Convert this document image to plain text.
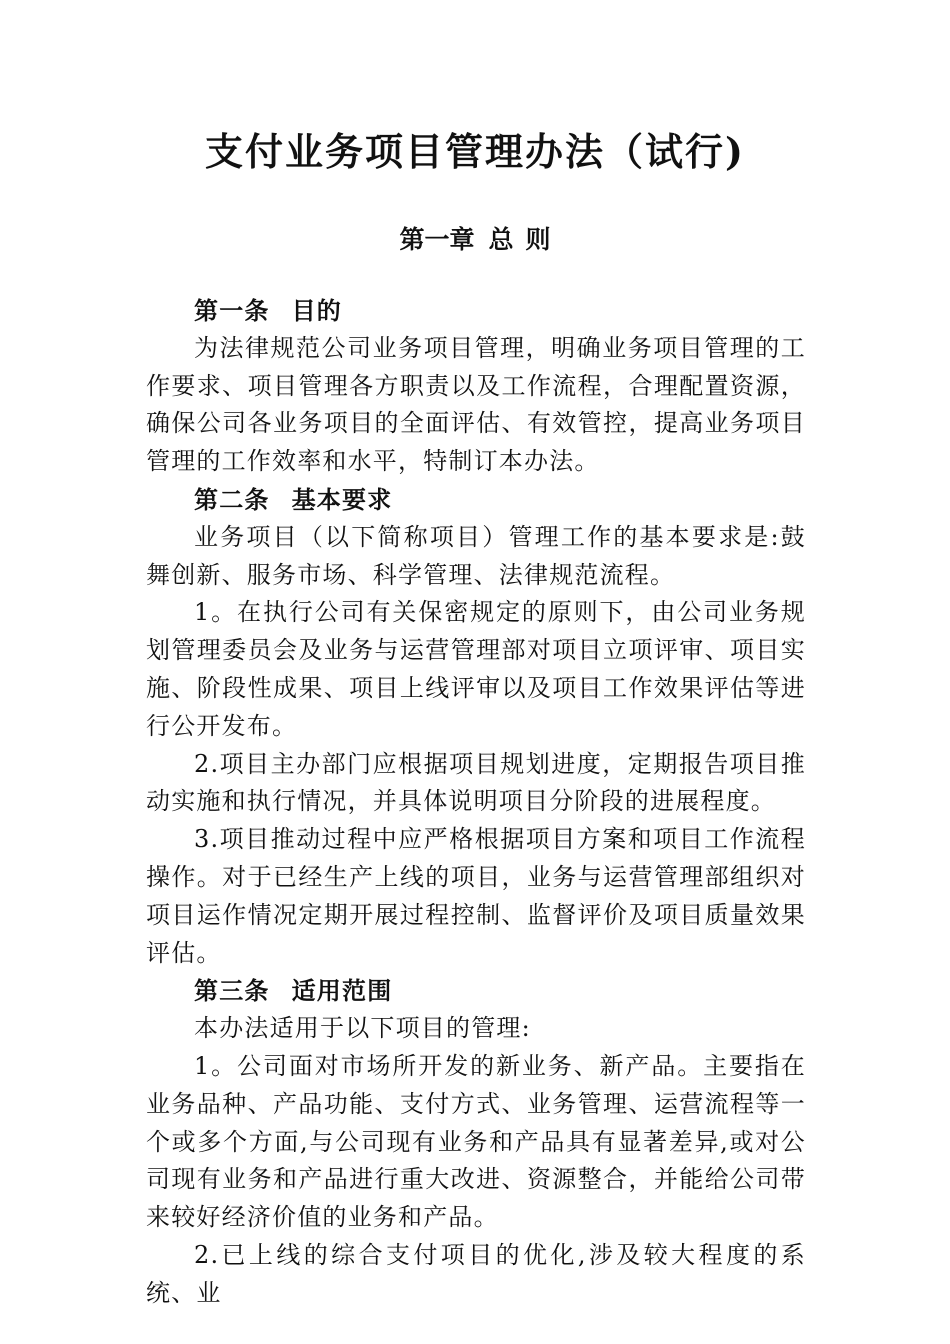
支付业务项目管理办法（试行)
第一章 总 则

第一条 目的

为法律规范公司业务项目管理，明确业务项目管理的工作要求、项目管理各方职责以及工作流程，合理配置资源，确保公司各业务项目的全面评估、有效管控，提高业务项目管理的工作效率和水平，特制订本办法。

第二条 基本要求

业务项目（以下简称项目）管理工作的基本要求是:鼓舞创新、服务市场、科学管理、法律规范流程。

1。在执行公司有关保密规定的原则下，由公司业务规划管理委员会及业务与运营管理部对项目立项评审、项目实施、阶段性成果、项目上线评审以及项目工作效果评估等进行公开发布。

2.项目主办部门应根据项目规划进度，定期报告项目推动实施和执行情况，并具体说明项目分阶段的进展程度。

3.项目推动过程中应严格根据项目方案和项目工作流程操作。对于已经生产上线的项目，业务与运营管理部组织对项目运作情况定期开展过程控制、监督评价及项目质量效果评估。

第三条 适用范围

本办法适用于以下项目的管理:

1。公司面对市场所开发的新业务、新产品。主要指在业务品种、产品功能、支付方式、业务管理、运营流程等一个或多个方面,与公司现有业务和产品具有显著差异,或对公司现有业务和产品进行重大改进、资源整合，并能给公司带来较好经济价值的业务和产品。

2.已上线的综合支付项目的优化,涉及较大程度的系统、业
